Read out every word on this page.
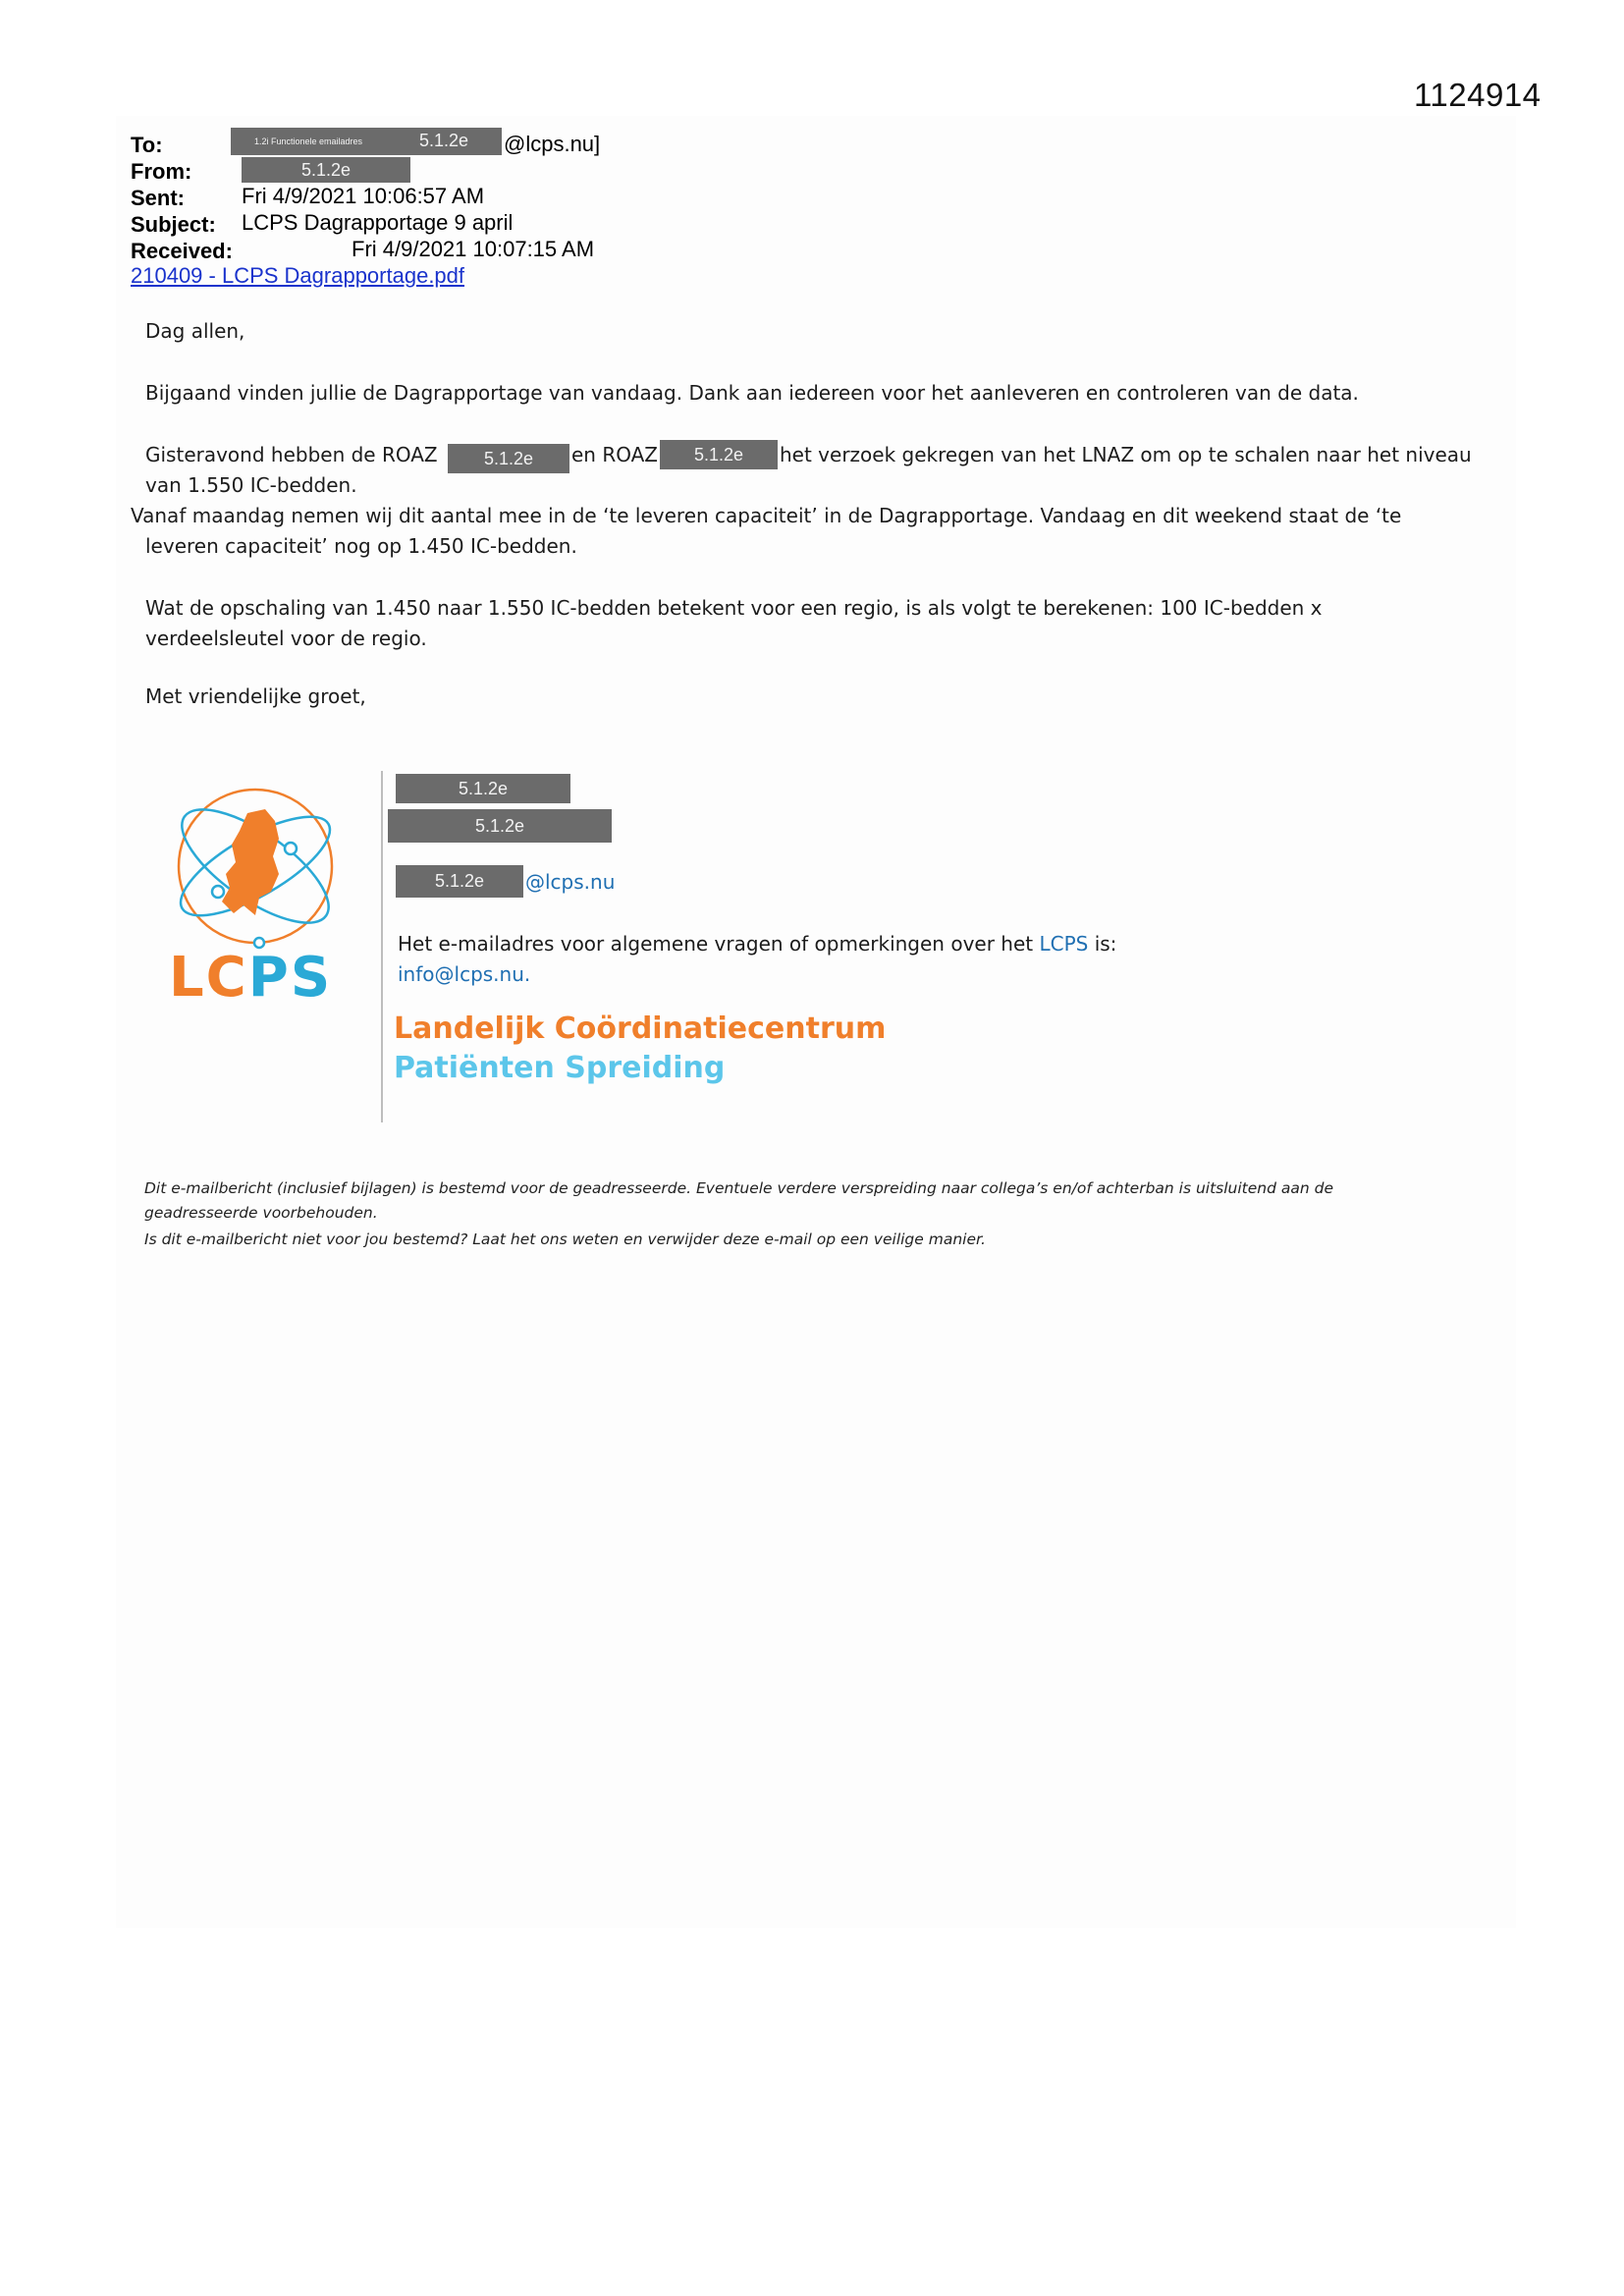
1124914
To:	1.2i Functionele emailadres	5.1.2e	@lcps.nu]
From:	5.1.2e
Sent:	Fri 4/9/2021 10:06:57 AM
Subject: LCPS Dagrapportage 9 april
Received:	Fri 4/9/2021 10:07:15 AM
210409 - LCPS Dagrapportage.pdf
Dag allen,
Bijgaand vinden jullie de Dagrapportage van vandaag. Dank aan iedereen voor het aanleveren en controleren van de data.
Gisteravond hebben de ROAZ	5.1.2e	en ROAZ	5.1.2e	het verzoek gekregen van het LNAZ om op te schalen naar het niveau
van 1.550 IC-bedden.
Vanaf maandag nemen wij dit aantal mee in de ‘te leveren capaciteit’ in de Dagrapportage. Vandaag en dit weekend staat de ‘te
leveren capaciteit’ nog op 1.450 IC-bedden.
Wat de opschaling van 1.450 naar 1.550 IC-bedden betekent voor een regio, is als volgt te berekenen: 100 IC-bedden x
verdeelsleutel voor de regio.
Met vriendelijke groet,
LCPS
5.1.2e
5.1.2e
5.1.2e	@lcps.nu
Het e-mailadres voor algemene vragen of opmerkingen over het LCPS is:
info@lcps.nu.
Landelijk Coördinatiecentrum
Patiënten Spreiding
Dit e-mailbericht (inclusief bijlagen) is bestemd voor de geadresseerde. Eventuele verdere verspreiding naar collega’s en/of achterban is uitsluitend aan de
geadresseerde voorbehouden.
Is dit e-mailbericht niet voor jou bestemd? Laat het ons weten en verwijder deze e-mail op een veilige manier.
